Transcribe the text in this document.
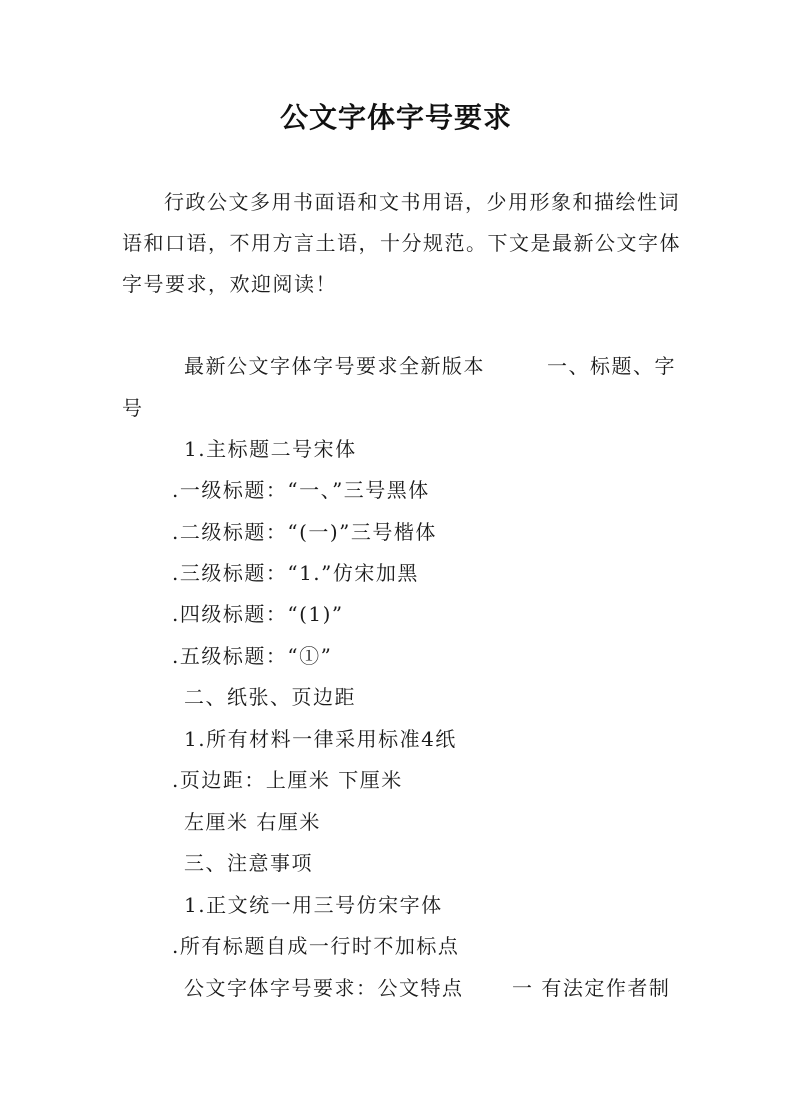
公文字体字号要求

行政公文多用书面语和文书用语，少用形象和描绘性词语和口语，不用方言土语，十分规范。下文是最新公文字体字号要求，欢迎阅读！

最新公文字体字号要求全新版本	一、标题、字
号
1.主标题二号宋体
.一级标题：“一、”三号黑体
.二级标题：“(一)”三号楷体
.三级标题：“1.”仿宋加黑
.四级标题：“(1)”
.五级标题：“①”
二、纸张、页边距
1.所有材料一律采用标准4纸
.页边距：上厘米 下厘米
左厘米 右厘米
三、注意事项
1.正文统一用三号仿宋字体
.所有标题自成一行时不加标点
公文字体字号要求：公文特点 一 有法定作者制
